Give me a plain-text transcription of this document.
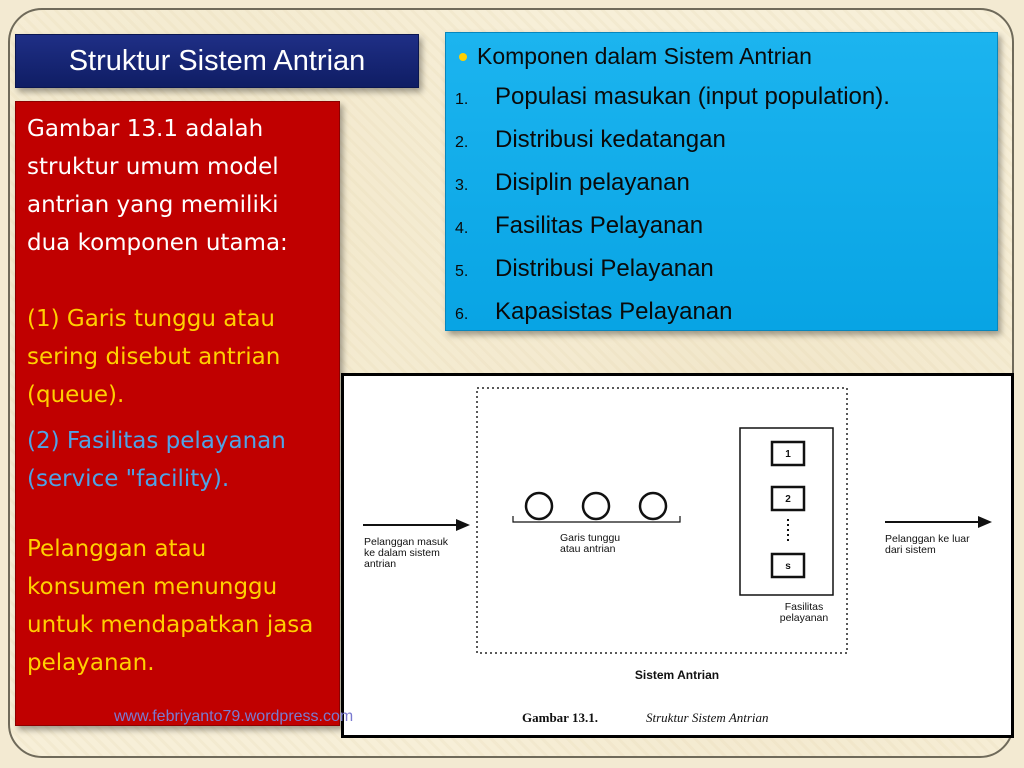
Struktur Sistem Antrian

Gambar 13.1 adalah struktur umum model antrian yang memiliki dua komponen utama:

(1) Garis tunggu atau sering disebut antrian (queue).

(2) Fasilitas pelayanan (service "facility).

Pelanggan atau konsumen menunggu untuk mendapatkan jasa pelayanan.

Komponen dalam Sistem Antrian
1.	Populasi masukan (input population).
2.	Distribusi kedatangan
3.	Disiplin pelayanan
4.	Fasilitas Pelayanan
5.	Distribusi Pelayanan
6.	Kapasistas Pelayanan
Pelanggan masuk
ke dalam sistem
antrian
Garis tunggu
atau antrian
1
2
s
Fasilitas
pelayanan
Pelanggan ke luar
dari sistem
Sistem Antrian
Gambar 13.1.	Struktur Sistem Antrian
www.febriyanto79.wordpress.com
